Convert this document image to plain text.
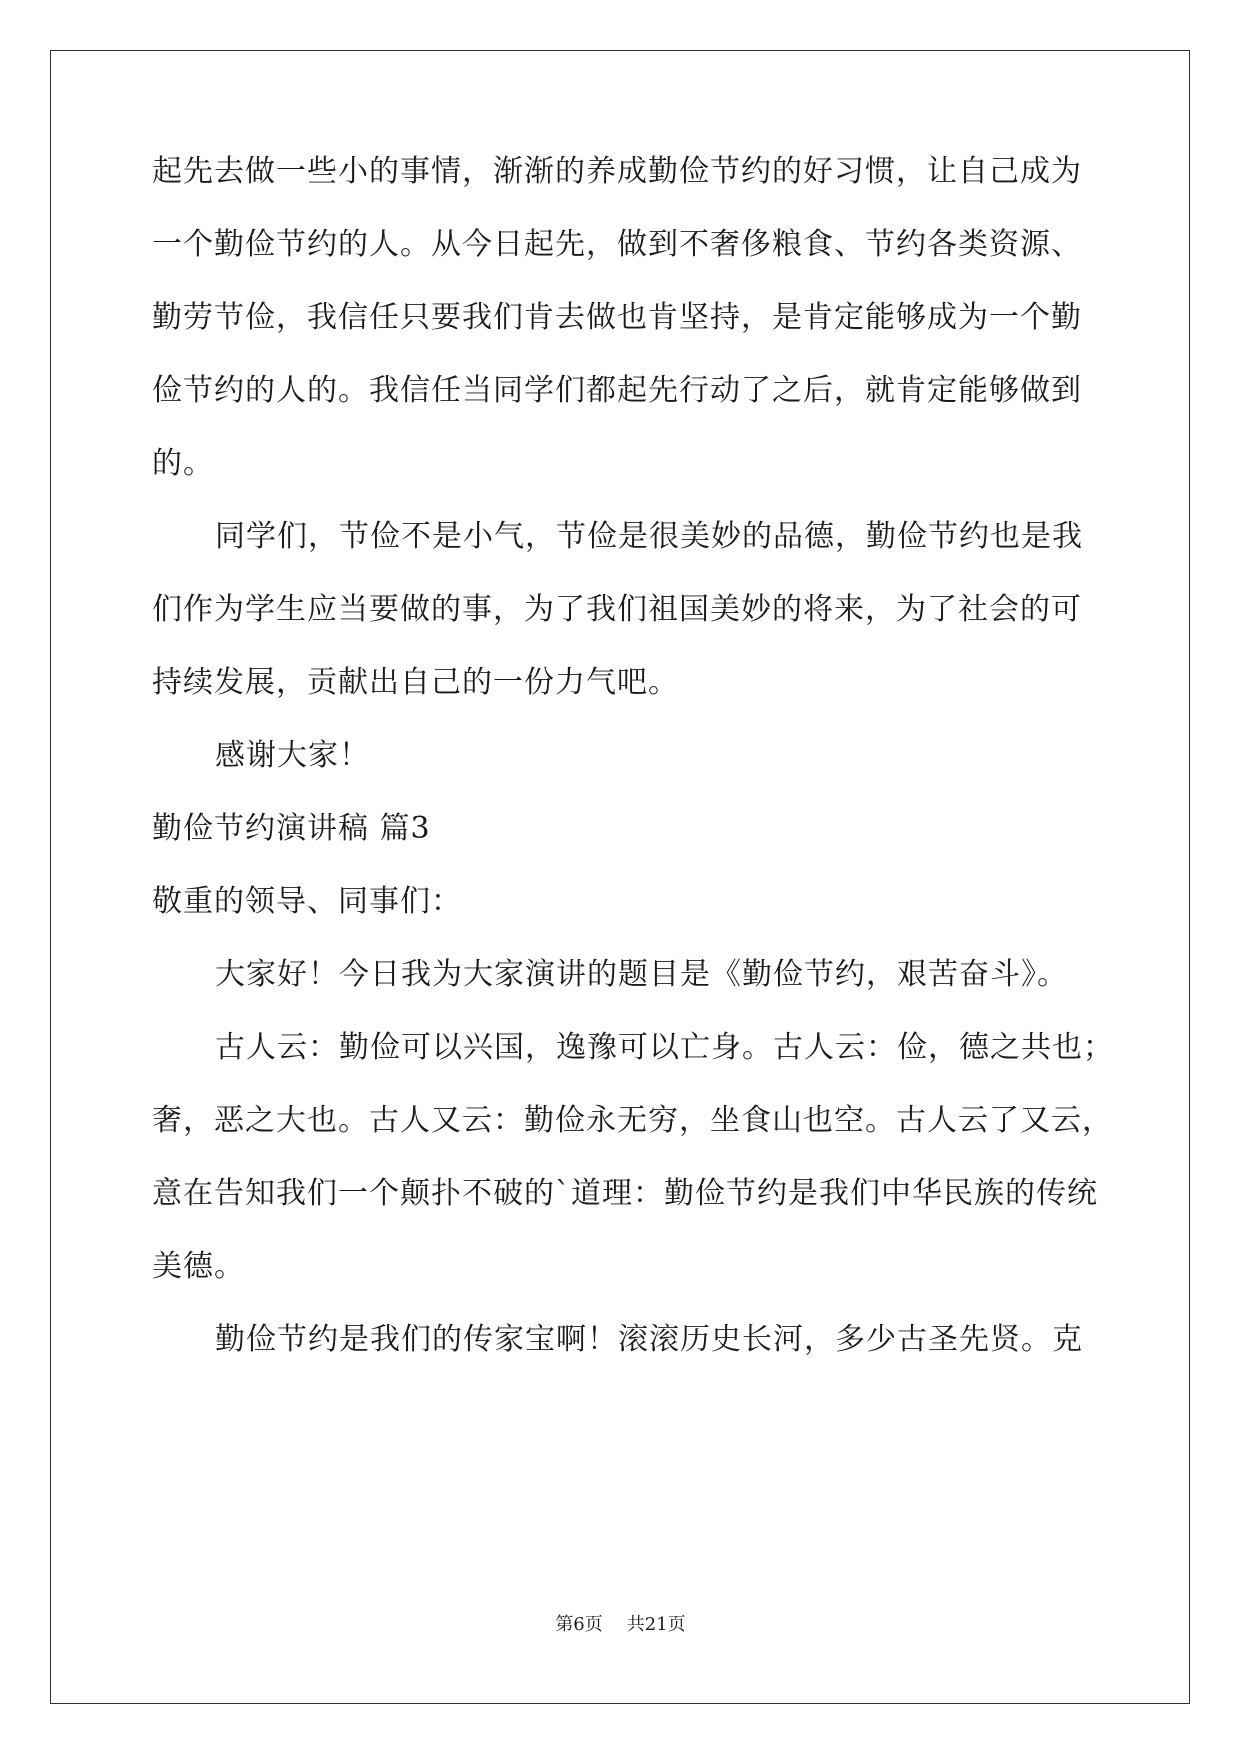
起先去做一些小的事情，渐渐的养成勤俭节约的好习惯，让自己成为

一个勤俭节约的人。从今日起先，做到不奢侈粮食、节约各类资源、

勤劳节俭，我信任只要我们肯去做也肯坚持，是肯定能够成为一个勤

俭节约的人的。我信任当同学们都起先行动了之后，就肯定能够做到

的。

同学们，节俭不是小气，节俭是很美妙的品德，勤俭节约也是我

们作为学生应当要做的事，为了我们祖国美妙的将来，为了社会的可

持续发展，贡献出自己的一份力气吧。

感谢大家！

勤俭节约演讲稿 篇3

敬重的领导、同事们：

大家好！今日我为大家演讲的题目是《勤俭节约，艰苦奋斗》。

古人云：勤俭可以兴国，逸豫可以亡身。古人云：俭，德之共也；

奢，恶之大也。古人又云：勤俭永无穷，坐食山也空。古人云了又云，

意在告知我们一个颠扑不破的`道理：勤俭节约是我们中华民族的传统

美德。

勤俭节约是我们的传家宝啊！滚滚历史长河，多少古圣先贤。克

第6页 共21页
